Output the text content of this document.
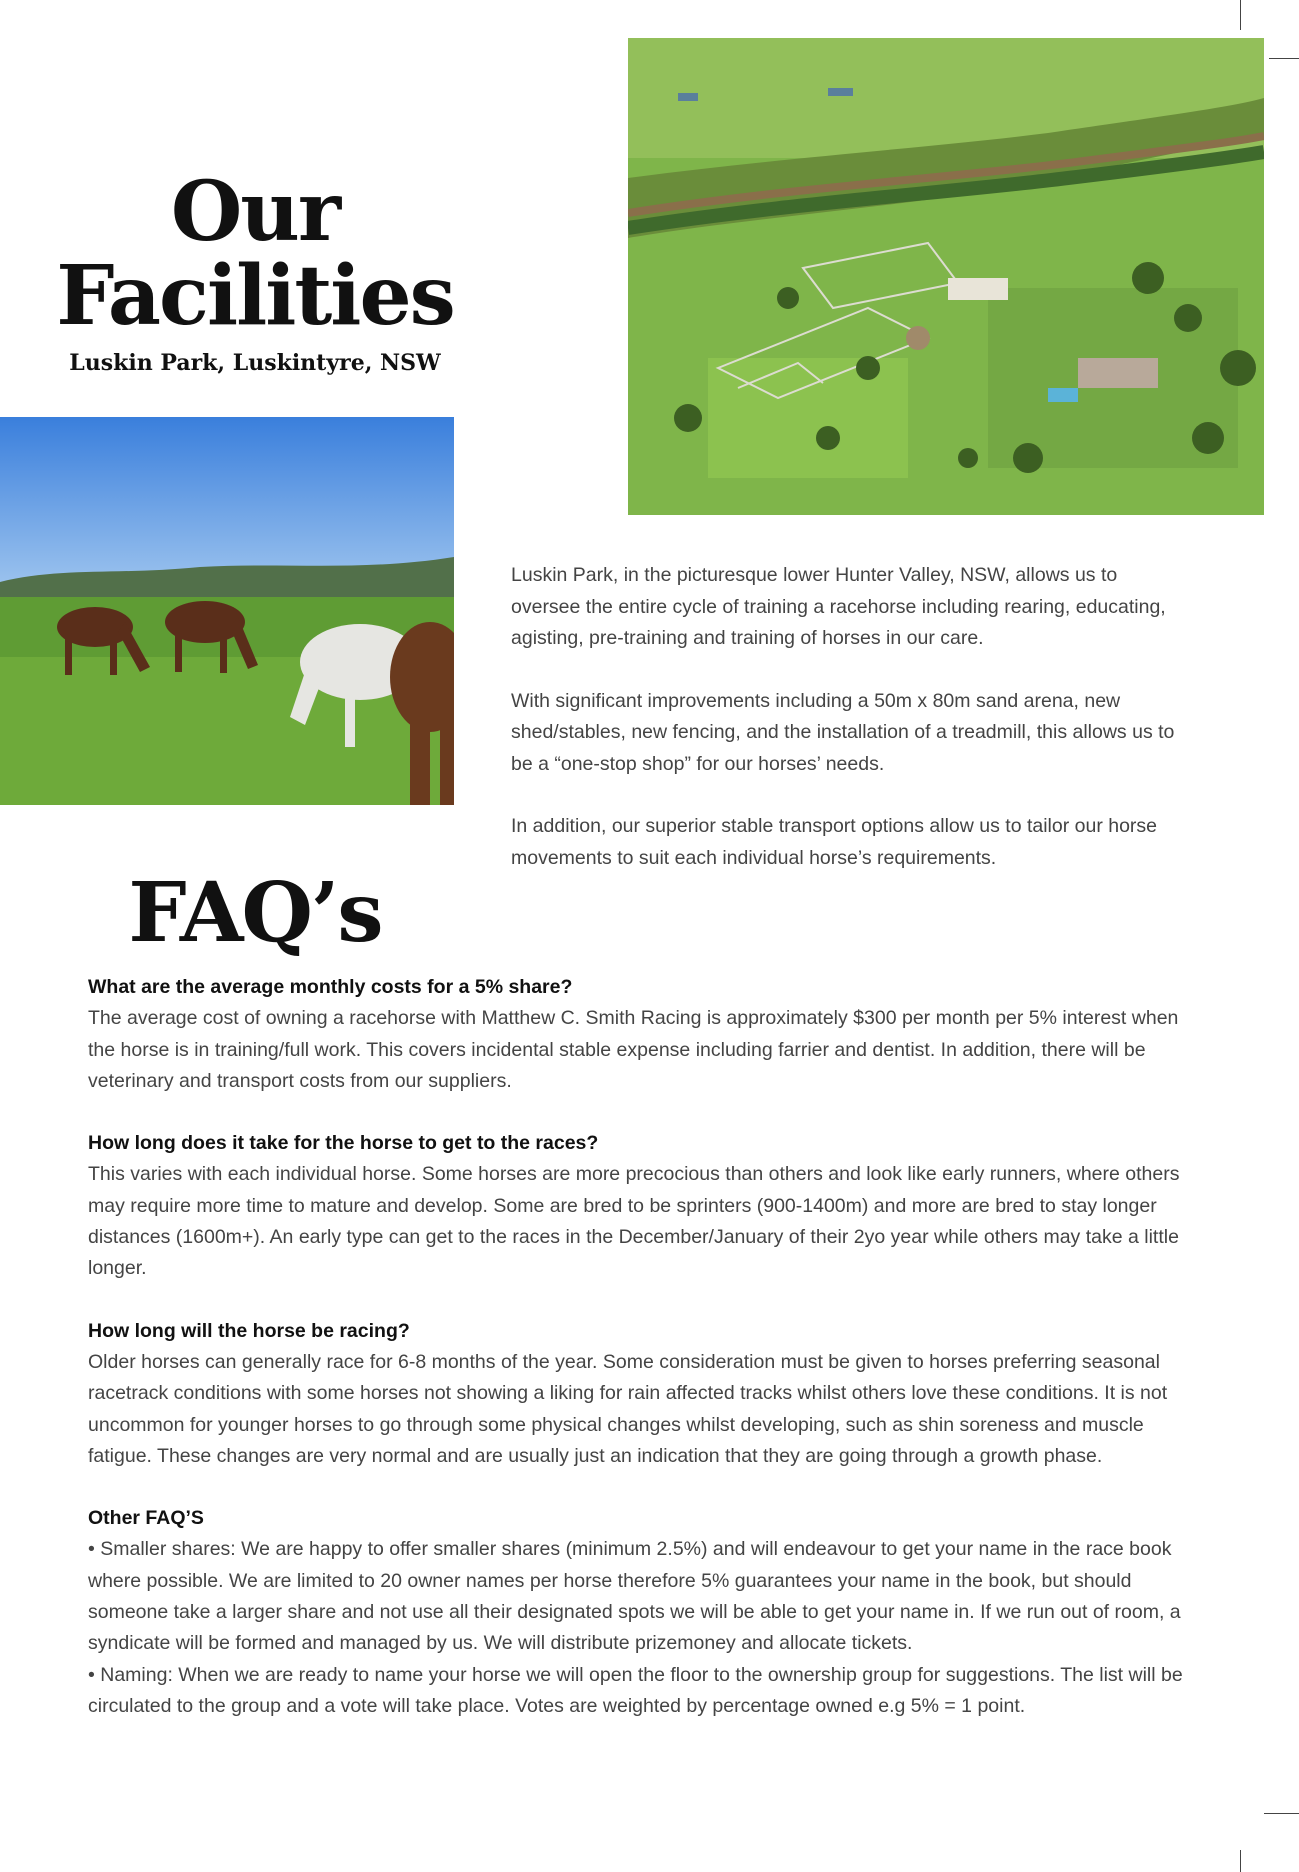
Our
Facilities
Luskin Park, Luskintyre, NSW

Luskin Park, in the picturesque lower Hunter Valley, NSW, allows us to oversee the entire cycle of training a racehorse including rearing, educating, agisting, pre-training and training of horses in our care.

With significant improvements including a 50m x 80m sand arena, new shed/stables, new fencing, and the installation of a treadmill, this allows us to be a “one-stop shop” for our horses’ needs.

In addition, our superior stable transport options allow us to tailor our horse movements to suit each individual horse’s requirements.

FAQ’s
What are the average monthly costs for a 5% share?

The average cost of owning a racehorse with Matthew C. Smith Racing is approximately $300 per month per 5% interest when the horse is in training/full work. This covers incidental stable expense including farrier and dentist. In addition, there will be veterinary and transport costs from our suppliers.

How long does it take for the horse to get to the races?

This varies with each individual horse. Some horses are more precocious than others and look like early runners, where others may require more time to mature and develop. Some are bred to be sprinters (900-1400m) and more are bred to stay longer distances (1600m+). An early type can get to the races in the December/January of their 2yo year while others may take a little longer.

How long will the horse be racing?

Older horses can generally race for 6-8 months of the year. Some consideration must be given to horses preferring seasonal racetrack conditions with some horses not showing a liking for rain affected tracks whilst others love these conditions. It is not uncommon for younger horses to go through some physical changes whilst developing, such as shin soreness and muscle fatigue. These changes are very normal and are usually just an indication that they are going through a growth phase.

Other FAQ’S

• Smaller shares: We are happy to offer smaller shares (minimum 2.5%) and will endeavour to get your name in the race book where possible. We are limited to 20 owner names per horse therefore 5% guarantees your name in the book, but should someone take a larger share and not use all their designated spots we will be able to get your name in. If we run out of room, a syndicate will be formed and managed by us. We will distribute prizemoney and allocate tickets.

• Naming: When we are ready to name your horse we will open the floor to the ownership group for suggestions. The list will be circulated to the group and a vote will take place. Votes are weighted by percentage owned e.g 5% = 1 point.
